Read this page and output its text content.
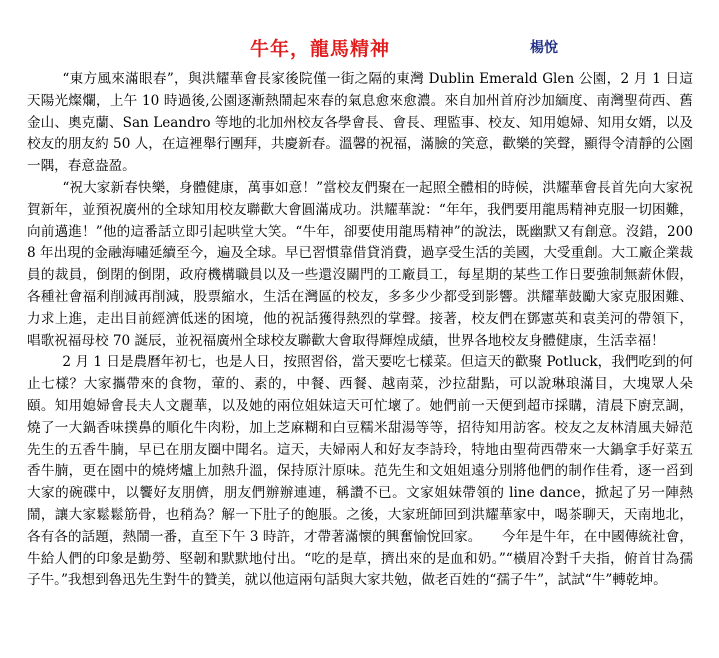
牛年，龍馬精神	楊悅

“東方風來滿眼春”，與洪耀華會長家後院僅一街之隔的東灣 Dublin Emerald Glen 公園，2 月 1 日這天陽光燦爛，上午 10 時過後,公園逐漸熱鬧起來春的氣息愈來愈濃。來自加州首府沙加緬度、南灣聖荷西、舊金山、奧克蘭、San Leandro 等地的北加州校友各學會長、會長、理監事、校友、知用媳婦、知用女婿，以及校友的朋友約 50 人，在這裡舉行團拜，共慶新春。溫馨的祝福，滿臉的笑意，歡樂的笑聲，顯得令清靜的公園一隅，春意盎盈。

“祝大家新春快樂，身體健康，萬事如意！”當校友們聚在一起照全體相的時候，洪耀華會長首先向大家祝賀新年，並預祝廣州的全球知用校友聯歡大會圓滿成功。洪耀華說：“年年，我們要用龍馬精神克服一切困難，向前邁進！”他的這番話立即引起哄堂大笑。“牛年，卻要使用龍馬精神”的說法，既幽默又有創意。沒錯，2008 年出現的金融海嘯延續至今，遍及全球。早已習慣靠借貸消費，過享受生活的美國，大受重創。大工廠企業裁員的裁員，倒閉的倒閉，政府機構職員以及一些還沒關門的工廠員工，每星期的某些工作日要強制無薪休假，各種社會福利削減再削減，股票縮水，生活在灣區的校友，多多少少都受到影響。洪耀華鼓勵大家克服困難、力求上進，走出目前經濟低迷的困境，他的祝話獲得熱烈的掌聲。接著，校友們在鄧憲英和袁美河的帶領下，唱歌祝福母校 70 誕辰，並祝福廣州全球校友聯歡大會取得輝煌成績，世界各地校友身體健康，生活幸福！

2 月 1 日是農曆年初七，也是人日，按照習俗，當天要吃七樣菜。但這天的歡聚 Potluck，我們吃到的何止七樣？大家攜帶來的食物，葷的、素的，中餐、西餐、越南菜，沙拉甜點，可以說琳琅滿目，大塊眾人朵頤。知用媳婦會長夫人文麗華，以及她的兩位姐妹這天可忙壞了。她們前一天便到超市採購，清晨下廚烹調，燒了一大鍋香味撲鼻的順化牛肉粉，加上芝麻糊和白豆糯米甜湯等等，招待知用訪客。校友之友林清風夫婦范先生的五香牛腩，早已在朋友圈中聞名。這天，夫婦兩人和好友李詩玲，特地由聖荷西帶來一大鍋拿手好菜五香牛腩，更在園中的燒烤爐上加熱升溫，保持原汁原味。范先生和文姐姐遠分別將他們的制作佳肴，逐一舀到大家的碗碟中，以饗好友朋儕，朋友們辦辦連連，稱讚不已。文家姐妹帶領的 line dance，掀起了另一陣熱鬧，讓大家鬆鬆筋骨，也稍為？解一下肚子的飽脹。之後，大家班師回到洪耀華家中，喝茶聊天，天南地北，各有各的話題，熱鬧一番，直至下午 3 時許，才帶著滿懷的興奮愉悅回家。　　今年是牛年，在中國傳統社會，牛給人們的印象是勤勞、堅韌和默默地付出。“吃的是草，擠出來的是血和奶。”“橫眉冷對千夫指，俯首甘為孺子牛。”我想到魯迅先生對牛的贊美，就以他這兩句話與大家共勉，做老百姓的“孺子牛”，試試“牛”轉乾坤。
